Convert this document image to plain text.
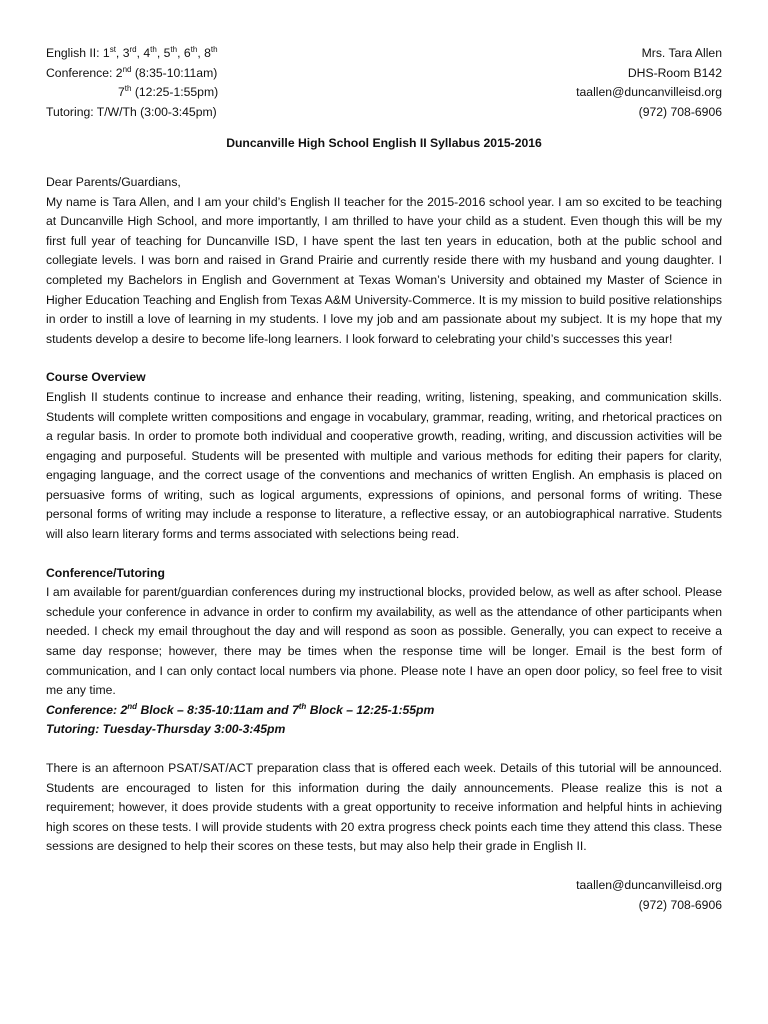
English II: 1st, 3rd, 4th, 5th, 6th, 8th
Conference: 2nd (8:35-10:11am)
7th (12:25-1:55pm)
Tutoring: T/W/Th (3:00-3:45pm)
Mrs. Tara Allen
DHS-Room B142
taallen@duncanvilleisd.org
(972) 708-6906
Duncanville High School English II Syllabus 2015-2016
Dear Parents/Guardians,

My name is Tara Allen, and I am your child’s English II teacher for the 2015-2016 school year. I am so excited to be teaching at Duncanville High School, and more importantly, I am thrilled to have your child as a student. Even though this will be my first full year of teaching for Duncanville ISD, I have spent the last ten years in education, both at the public school and collegiate levels. I was born and raised in Grand Prairie and currently reside there with my husband and young daughter. I completed my Bachelors in English and Government at Texas Woman’s University and obtained my Master of Science in Higher Education Teaching and English from Texas A&M University-Commerce. It is my mission to build positive relationships in order to instill a love of learning in my students. I love my job and am passionate about my subject. It is my hope that my students develop a desire to become life-long learners. I look forward to celebrating your child’s successes this year!

Course Overview

English II students continue to increase and enhance their reading, writing, listening, speaking, and communication skills. Students will complete written compositions and engage in vocabulary, grammar, reading, writing, and rhetorical practices on a regular basis. In order to promote both individual and cooperative growth, reading, writing, and discussion activities will be engaging and purposeful. Students will be presented with multiple and various methods for editing their papers for clarity, engaging language, and the correct usage of the conventions and mechanics of written English. An emphasis is placed on persuasive forms of writing, such as logical arguments, expressions of opinions, and personal forms of writing. These personal forms of writing may include a response to literature, a reflective essay, or an autobiographical narrative. Students will also learn literary forms and terms associated with selections being read.

Conference/Tutoring

I am available for parent/guardian conferences during my instructional blocks, provided below, as well as after school. Please schedule your conference in advance in order to confirm my availability, as well as the attendance of other participants when needed. I check my email throughout the day and will respond as soon as possible. Generally, you can expect to receive a same day response; however, there may be times when the response time will be longer. Email is the best form of communication, and I can only contact local numbers via phone. Please note I have an open door policy, so feel free to visit me any time.

Conference: 2nd Block – 8:35-10:11am and 7th Block – 12:25-1:55pm
Tutoring: Tuesday-Thursday 3:00-3:45pm

There is an afternoon PSAT/SAT/ACT preparation class that is offered each week. Details of this tutorial will be announced. Students are encouraged to listen for this information during the daily announcements. Please realize this is not a requirement; however, it does provide students with a great opportunity to receive information and helpful hints in achieving high scores on these tests. I will provide students with 20 extra progress check points each time they attend this class. These sessions are designed to help their scores on these tests, but may also help their grade in English II.

taallen@duncanvilleisd.org
(972) 708-6906
